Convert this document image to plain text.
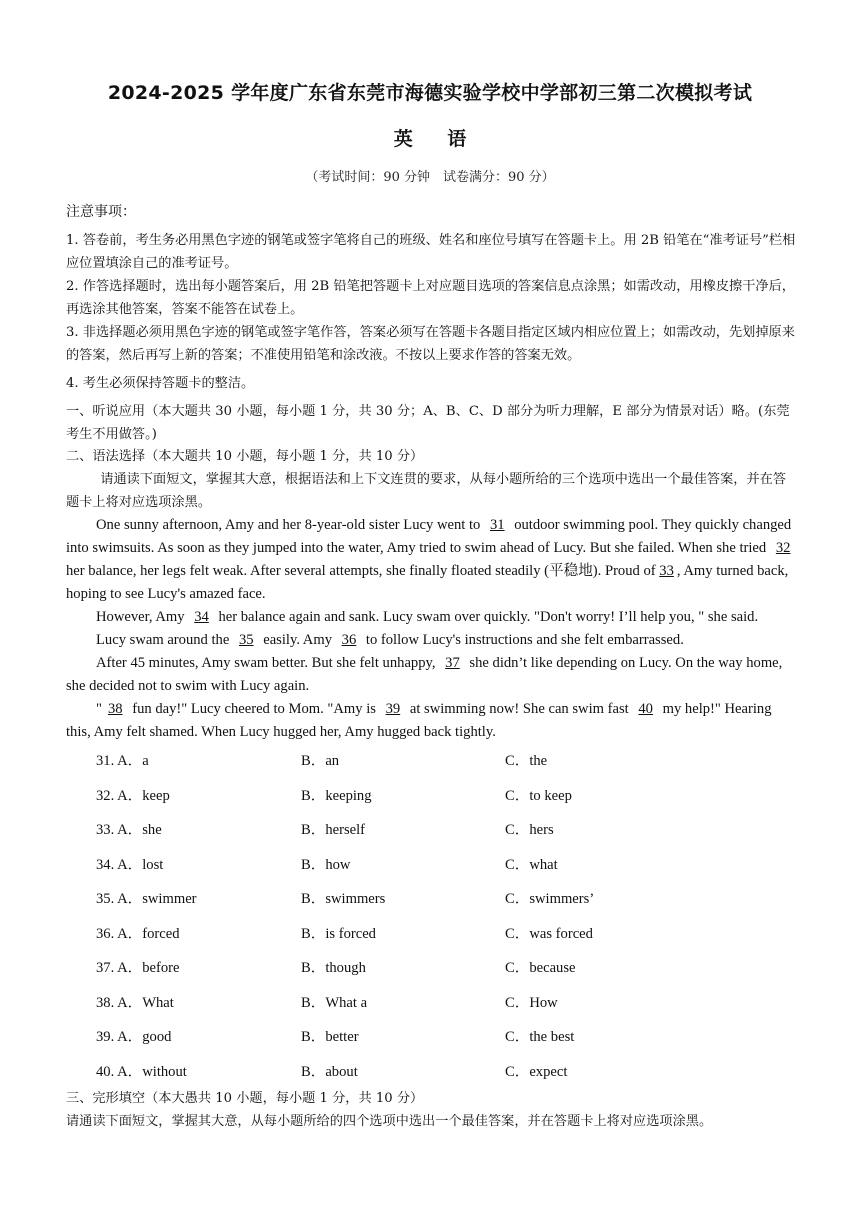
2024-2025 学年度广东省东莞市海德实验学校中学部初三第二次模拟考试
英 语
（考试时间：90 分钟　试卷满分：90 分）
注意事项：

1. 答卷前，考生务必用黑色字迹的钢笔或签字笔将自己的班级、姓名和座位号填写在答题卡上。用 2B 铅笔在“准考证号”栏相应位置填涂自己的准考证号。

2. 作答选择题时，选出每小题答案后，用 2B 铅笔把答题卡上对应题目选项的答案信息点涂黑；如需改动，用橡皮擦干净后，再选涂其他答案，答案不能答在试卷上。

3. 非选择题必须用黑色字迹的钢笔或签字笔作答，答案必须写在答题卡各题目指定区域内相应位置上；如需改动，先划掉原来的答案，然后再写上新的答案；不准使用铅笔和涂改液。不按以上要求作答的答案无效。

4. 考生必须保持答题卡的整洁。

一、听说应用（本大题共 30 小题，每小题 1 分，共 30 分；A、B、C、D 部分为听力理解，E 部分为情景对话）略。(东莞考生不用做答。)

二、语法选择（本大题共 10 小题，每小题 1 分，共 10 分）

请通读下面短文，掌握其大意，根据语法和上下文连贯的要求，从每小题所给的三个选项中选出一个最佳答案，并在答题卡上将对应选项涂黑。

One sunny afternoon, Amy and her 8-year-old sister Lucy went to 31 outdoor swimming pool. They quickly changed into swimsuits. As soon as they jumped into the water, Amy tried to swim ahead of Lucy. But she failed. When she tried 32 her balance, her legs felt weak. After several attempts, she finally floated steadily (平稳地). Proud of 33 , Amy turned back, hoping to see Lucy's amazed face.

However, Amy 34 her balance again and sank. Lucy swam over quickly. "Don't worry! I’ll help you, " she said.

Lucy swam around the 35 easily. Amy 36 to follow Lucy's instructions and she felt embarrassed.

After 45 minutes, Amy swam better. But she felt unhappy, 37 she didn’t like depending on Lucy. On the way home, she decided not to swim with Lucy again.

" 38 fun day!" Lucy cheered to Mom. "Amy is 39 at swimming now! She can swim fast 40 my help!" Hearing this, Amy felt shamed. When Lucy hugged her, Amy hugged back tightly.

31. A．a	B．an	C．the
32. A．keep	B．keeping	C．to keep
33. A．she	B．herself	C．hers
34. A．lost	B．how	C．what
35. A．swimmer	B．swimmers	C．swimmers’
36. A．forced	B．is forced	C．was forced
37. A．before	B．though	C．because
38. A．What	B．What a	C．How
39. A．good	B．better	C．the best
40. A．without	B．about	C．expect

三、完形填空（本大愚共 10 小题，每小题 1 分，共 10 分）

请通读下面短文，掌握其大意，从每小题所给的四个选项中选出一个最佳答案，并在答题卡上将对应选项涂黑。
